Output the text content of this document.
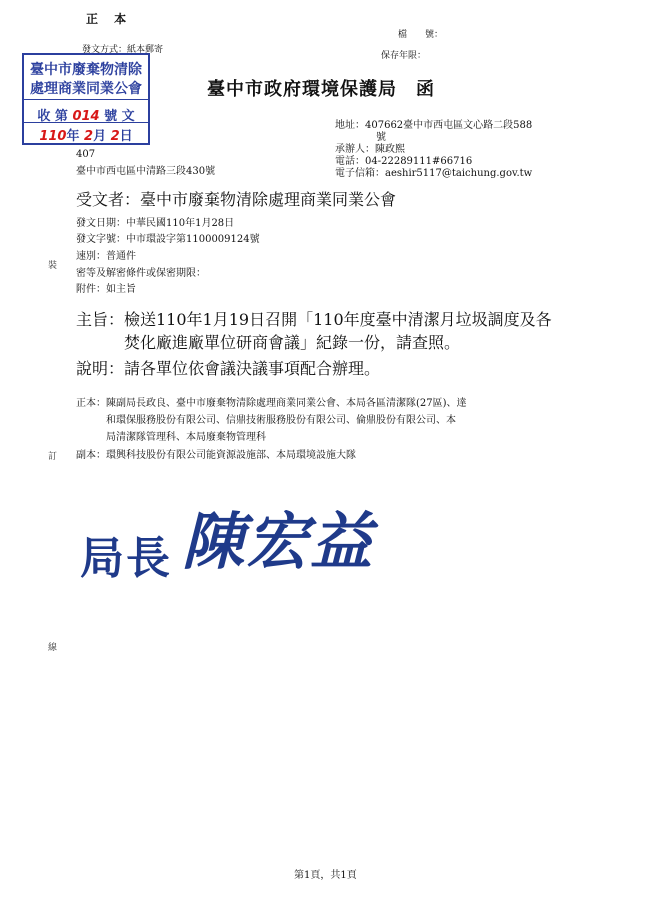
正 本
發文方式：紙本郵寄
檔　　號：
保存年限：
臺中市廢棄物清除
處理商業同業公會
收 第 014 號 文
110年 2月 2日
臺中市政府環境保護局　函
地址：407662臺中市西屯區文心路二段588
號
承辦人：陳政熙
電話：04-22289111#66716
電子信箱：aeshir5117@taichung.gov.tw
407
臺中市西屯區中清路三段430號
受文者：臺中市廢棄物清除處理商業同業公會
發文日期：中華民國110年1月28日
發文字號：中市環設字第1100009124號
速別：普通件
密等及解密條件或保密期限：
附件：如主旨
主旨：檢送110年1月19日召開「110年度臺中清潔月垃圾調度及各
焚化廠進廠單位研商會議」紀錄一份，請查照。
說明：請各單位依會議決議事項配合辦理。
正本：陳副局長政良、臺中市廢棄物清除處理商業同業公會、本局各區清潔隊(27區)、達
和環保服務股份有限公司、信鼎技術服務股份有限公司、倫鼎股份有限公司、本
局清潔隊管理科、本局廢棄物管理科
副本：環興科技股份有限公司能資源設施部、本局環境設施大隊
局長 陳宏益
裝
訂
線
第1頁，共1頁
